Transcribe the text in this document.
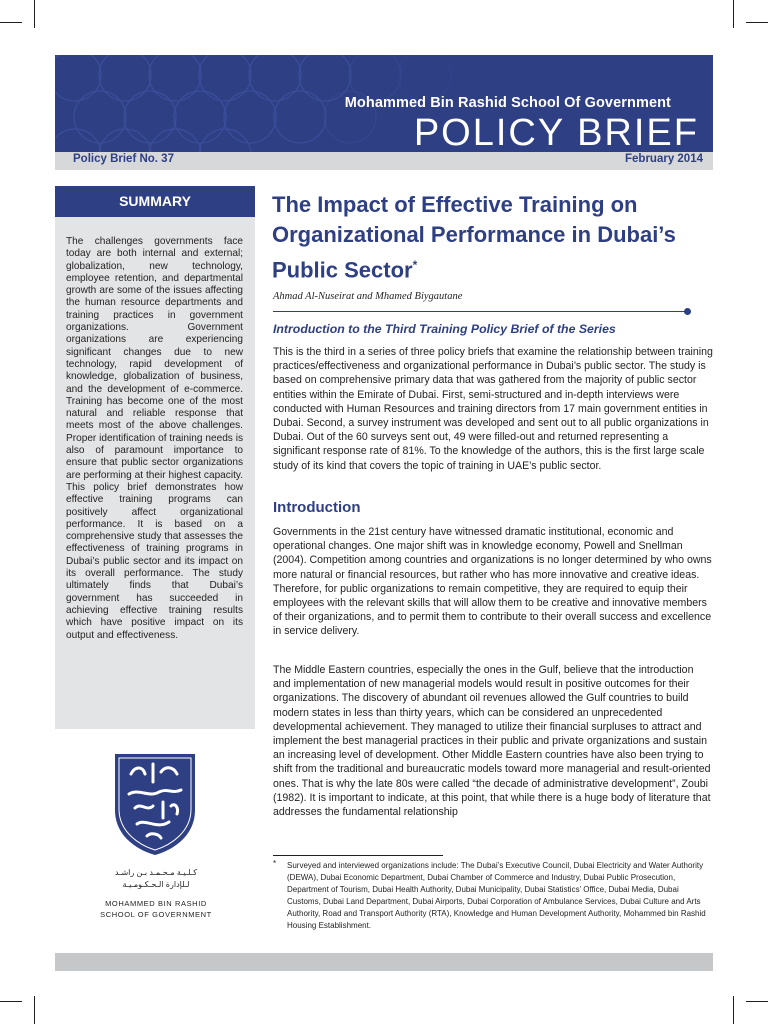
Mohammed Bin Rashid School Of Government
POLICY BRIEF
Policy Brief No. 37	February 2014
SUMMARY
The challenges governments face today are both internal and external; globalization, new technology, employee retention, and departmental growth are some of the issues affecting the human resource departments and training practices in government organizations. Government organizations are experiencing significant changes due to new technology, rapid development of knowledge, globalization of business, and the development of e-commerce. Training has become one of the most natural and reliable response that meets most of the above challenges. Proper identification of training needs is also of paramount importance to ensure that public sector organizations are performing at their highest capacity. This policy brief demonstrates how effective training programs can positively affect organizational performance. It is based on a comprehensive study that assesses the effectiveness of training programs in Dubai’s public sector and its impact on its overall performance. The study ultimately finds that Dubai’s government has succeeded in achieving effective training results which have positive impact on its output and effectiveness.
كـلـيـة مـحـمـد بـن راشـد
لـلإدارة الـحـكـومـيـة
MOHAMMED BIN RASHID
SCHOOL OF GOVERNMENT
The Impact of Effective Training on Organizational Performance in Dubai’s Public Sector*
Ahmad Al-Nuseirat and Mhamed Biygautane
Introduction to the Third Training Policy Brief of the Series
This is the third in a series of three policy briefs that examine the relationship between training practices/effectiveness and organizational performance in Dubai’s public sector. The study is based on comprehensive primary data that was gathered from the majority of public sector entities within the Emirate of Dubai. First, semi-structured and in-depth interviews were conducted with Human Resources and training directors from 17 main government entities in Dubai. Second, a survey instrument was developed and sent out to all public organizations in Dubai. Out of the 60 surveys sent out, 49 were filled-out and returned representing a significant response rate of 81%. To the knowledge of the authors, this is the first large scale study of its kind that covers the topic of training in UAE’s public sector.
Introduction
Governments in the 21st century have witnessed dramatic institutional, economic and operational changes. One major shift was in knowledge economy, Powell and Snellman (2004). Competition among countries and organizations is no longer determined by who owns more natural or financial resources, but rather who has more innovative and creative ideas. Therefore, for public organizations to remain competitive, they are required to equip their employees with the relevant skills that will allow them to be creative and innovative members of their organizations, and to permit them to contribute to their overall success and excellence in service delivery.
The Middle Eastern countries, especially the ones in the Gulf, believe that the introduction and implementation of new managerial models would result in positive outcomes for their organizations. The discovery of abundant oil revenues allowed the Gulf countries to build modern states in less than thirty years, which can be considered an unprecedented developmental achievement. They managed to utilize their financial surpluses to attract and implement the best managerial practices in their public and private organizations and sustain an increasing level of development. Other Middle Eastern countries have also been trying to shift from the traditional and bureaucratic models toward more managerial and result-oriented ones. That is why the late 80s were called “the decade of administrative development”, Zoubi (1982). It is important to indicate, at this point, that while there is a huge body of literature that addresses the fundamental relationship
* Surveyed and interviewed organizations include: The Dubai’s Executive Council, Dubai Electricity and Water Authority (DEWA), Dubai Economic Department, Dubai Chamber of Commerce and Industry, Dubai Public Prosecution, Department of Tourism, Dubai Health Authority, Dubai Municipality, Dubai Statistics’ Office, Dubai Media, Dubai Customs, Dubai Land Department, Dubai Airports, Dubai Corporation of Ambulance Services, Dubai Culture and Arts Authority, Road and Transport Authority (RTA), Knowledge and Human Development Authority, Mohammed bin Rashid Housing Establishment.
